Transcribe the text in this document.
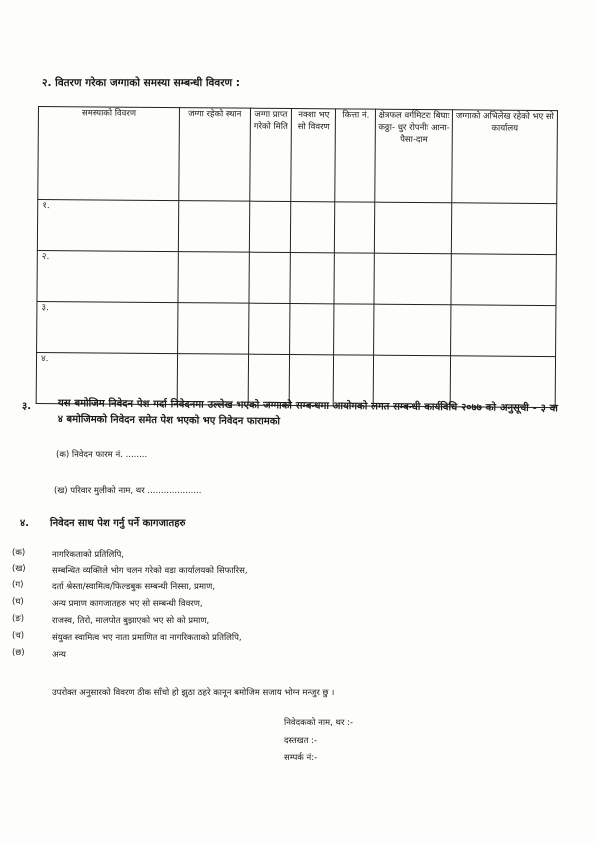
२. वितरण गरेका जग्गाको समस्या सम्बन्धी विवरण :
समस्याको विवरण	जग्गा रहेको स्थान	जग्गा प्राप्त गरेको मिति	नक्शा भए सो विवरण	कित्ता नं.	क्षेत्रफल वर्गमिटरः बिघाः कठ्ठा- धुर रोपनीः आना- पैसा-दाम	जग्गाको अभिलेख रहेको भए सो कार्यालय

१.						
२.						
३.						
४.						
३.	यस बमोजिम निवेदन पेश गर्दा निवेदनमा उल्लेख भएको जग्गाको सम्बन्धमा आयोगको लगत सम्बन्धी कार्यविधि २०७७ को अनुसूची - ३ वा ४ बमोजिमको निवेदन समेत पेश भएको भए निवेदन फारामको
(क) निवेदन फारम नं. ........
(ख) परिवार मुलीको नाम, थर ....................
४. निवेदन साथ पेश गर्नु पर्ने कागजातहरु
(क)	नागरिकताको प्रतिलिपि,
(ख)	सम्बन्धित व्यक्तिले भोग चलन गरेको वडा कार्यालयको सिफारिस,
(ग)	दर्ता श्रेस्ता/स्वामित्व/फिल्डबुक सम्बन्धी निस्सा, प्रमाण,
(घ)	अन्य प्रमाण कागजातहरु भए सो सम्बन्धी विवरण,
(ङ)	राजस्व, तिरो, मालपोत बुझाएको भए सो को प्रमाण,
(च)	संयुक्त स्वामित्व भए नाता प्रमाणित वा नागरिकताको प्रतिलिपि,
(छ)	अन्य
उपरोक्त अनुसारको विवरण ठीक साँचो हो झुठा ठहरे कानून बमोजिम सजाय भोग्न मन्जुर छु ।
निवेदकको नाम, थर :-
दस्तखत :-
सम्पर्क नं:-
